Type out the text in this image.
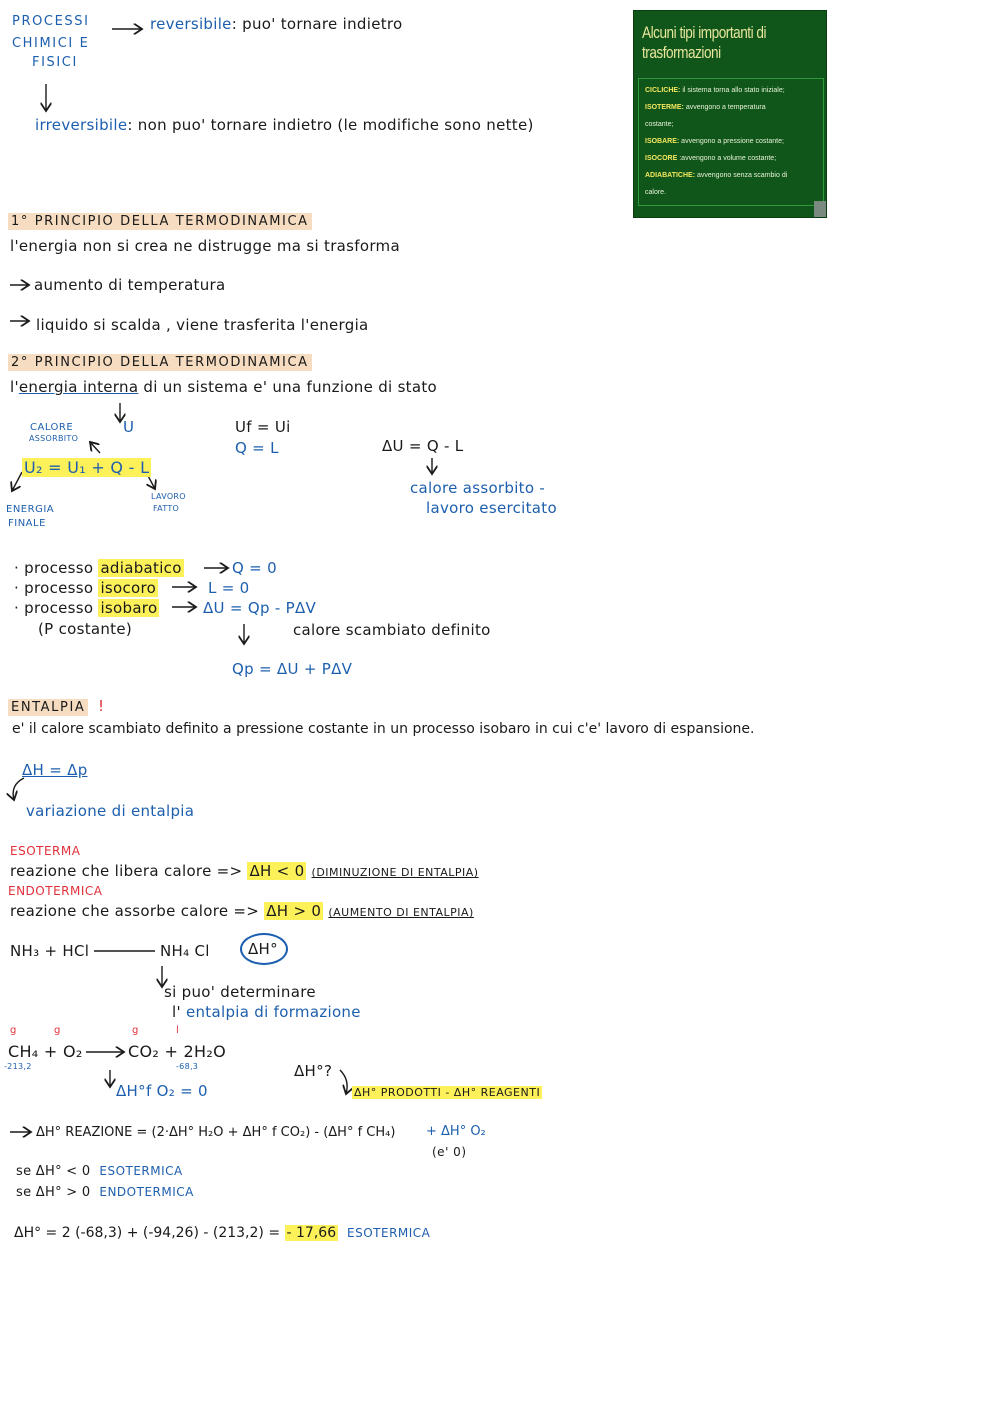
Alcuni tipi importanti di trasformazioni
CICLICHE: il sistema torna allo stato iniziale;
ISOTERME: avvengono a temperatura
costante;
ISOBARE: avvengono a pressione costante;
ISOCORE :avvengono a volume costante;
ADIABATICHE: avvengono senza scambio di
calore.
PROCESSI
CHIMICI E
FISICI
reversibile: puo' tornare indietro
irreversibile: non puo' tornare indietro (le modifiche sono nette)
1° PRINCIPIO DELLA TERMODINAMICA
l'energia non si crea ne distrugge ma si trasforma
aumento di temperatura
liquido si scalda , viene trasferita l'energia
2° PRINCIPIO DELLA TERMODINAMICA
l'energia interna di un sistema e' una funzione di stato
U
CALORE
ASSORBITO
U₂ = U₁ + Q - L
ENERGIA
FINALE
LAVORO
FATTO
Uf = Ui
Q = L	ΔU = Q - L
calore assorbito -
lavoro esercitato
· processo adiabatico	Q = 0
· processo isocoro	L = 0
· processo isobaro	ΔU = Qp - PΔV
(P costante)	calore scambiato definito
Qp = ΔU + PΔV
ENTALPIA !
e' il calore scambiato definito a pressione costante in un processo isobaro in cui c'e' lavoro di espansione.
ΔH = Δp
variazione di entalpia
ESOTERMA
reazione che libera calore => ΔH < 0 (DIMINUZIONE DI ENTALPIA)
ENDOTERMICA
reazione che assorbe calore => ΔH > 0 (AUMENTO DI ENTALPIA)
NH₃ + HCl	NH₄ Cl	ΔH°
si puo' determinare
l' entalpia di formazione
g	g	g	l
CH₄ + O₂	CO₂ + 2H₂O
-213,2	-68,3
ΔH°f O₂ = 0
ΔH°?
ΔH° PRODOTTI - ΔH° REAGENTI
ΔH° REAZIONE = (2·ΔH° H₂O + ΔH° f CO₂) - (ΔH° f CH₄) + ΔH° O₂
(e' 0)
se ΔH° < 0 ESOTERMICA
se ΔH° > 0 ENDOTERMICA
ΔH° = 2 (-68,3) + (-94,26) - (213,2) = - 17,66 ESOTERMICA
